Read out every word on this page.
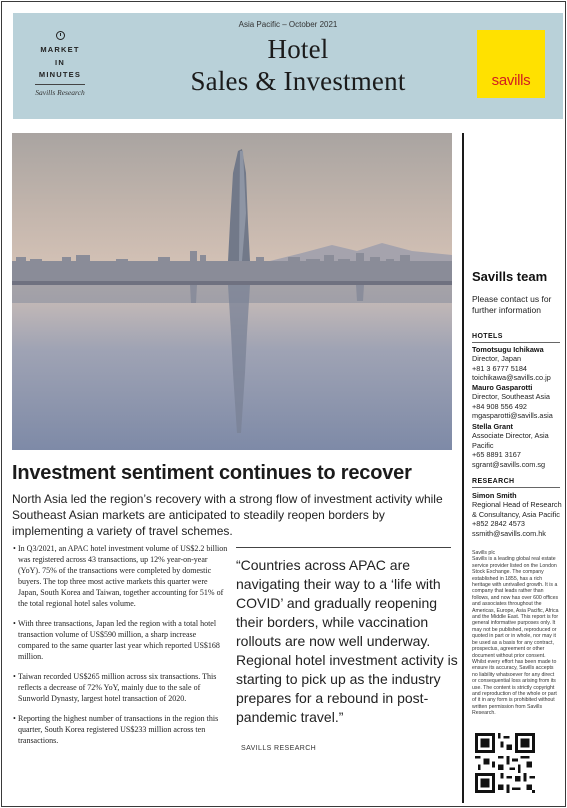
Asia Pacific – October 2021
MARKET
IN
MINUTES
Savills Research
Hotel
Sales & Investment	savills
Investment sentiment continues to recover

North Asia led the region’s recovery with a strong flow of investment activity while Southeast Asian markets are anticipated to steadily reopen borders by implementing a variety of travel schemes.

• In Q3/2021, an APAC hotel investment volume of US$2.2 billion was registered across 43 transactions, up 12% year-on-year (YoY). 75% of the transactions were completed by domestic buyers. The top three most active markets this quarter were Japan, South Korea and Taiwan, together accounting for 51% of the total regional hotel sales volume.
• With three transactions, Japan led the region with a total hotel transaction volume of US$590 million, a sharp increase compared to the same quarter last year which reported US$168 million.
• Taiwan recorded US$265 million across six transactions. This reflects a decrease of 72% YoY, mainly due to the sale of Sunworld Dynasty, largest hotel transaction of 2020.
• Reporting the highest number of transactions in the region this quarter, South Korea registered US$233 million across ten transactions.

“Countries across APAC are navigating their way to a ‘life with COVID’ and gradually reopening their borders, while vaccination rollouts are now well underway. Regional hotel investment activity is starting to pick up as the industry prepares for a rebound in post-pandemic travel.”

SAVILLS RESEARCH
Savills team
Please contact us for further information
HOTELS
Tomotsugu Ichikawa
Director, Japan
+81 3 6777 5184
toichikawa@savills.co.jp
Mauro Gasparotti
Director, Southeast Asia
+84 908 556 492
mgasparotti@savills.asia
Stella Grant
Associate Director, Asia Pacific
+65 8891 3167
sgrant@savills.com.sg
RESEARCH
Simon Smith
Regional Head of Research & Consultancy, Asia Pacific
+852 2842 4573
ssmith@savills.com.hk
Savills plc
Savills is a leading global real estate service provider listed on the London Stock Exchange. The company established in 1855, has a rich heritage with unrivalled growth. It is a company that leads rather than follows, and now has over 600 offices and associates throughout the Americas, Europe, Asia Pacific, Africa and the Middle East. This report is for general informative purposes only. It may not be published, reproduced or quoted in part or in whole, nor may it be used as a basis for any contract, prospectus, agreement or other document without prior consent. Whilst every effort has been made to ensure its accuracy, Savills accepts no liability whatsoever for any direct or consequential loss arising from its use. The content is strictly copyright and reproduction of the whole or part of it in any form is prohibited without written permission from Savills Research.
